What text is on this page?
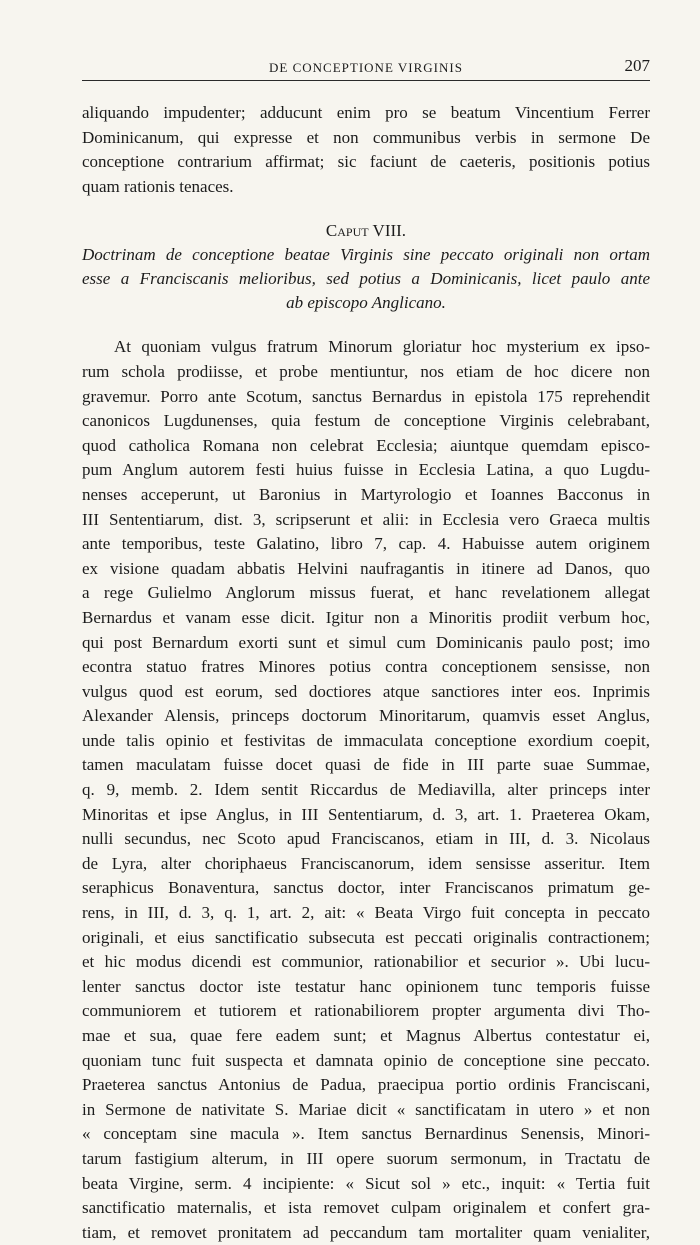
DE CONCEPTIONE VIRGINIS	207
aliquando impudenter; adducunt enim pro se beatum Vincentium Ferrer
Dominicanum, qui expresse et non communibus verbis in sermone De
conceptione contrarium affirmat; sic faciunt de caeteris, positionis potius
quam rationis tenaces.
Caput VIII.
Doctrinam de conceptione beatae Virginis sine peccato originali non ortam
esse a Franciscanis melioribus, sed potius a Dominicanis, licet paulo ante
ab episcopo Anglicano.
At quoniam vulgus fratrum Minorum gloriatur hoc mysterium ex ipso-
rum schola prodiisse, et probe mentiuntur, nos etiam de hoc dicere non
gravemur. Porro ante Scotum, sanctus Bernardus in epistola 175 reprehendit
canonicos Lugdunenses, quia festum de conceptione Virginis celebrabant,
quod catholica Romana non celebrat Ecclesia; aiuntque quemdam episco-
pum Anglum autorem festi huius fuisse in Ecclesia Latina, a quo Lugdu-
nenses acceperunt, ut Baronius in Martyrologio et Ioannes Bacconus in
III Sententiarum, dist. 3, scripserunt et alii: in Ecclesia vero Graeca multis
ante temporibus, teste Galatino, libro 7, cap. 4. Habuisse autem originem
ex visione quadam abbatis Helvini naufragantis in itinere ad Danos, quo
a rege Gulielmo Anglorum missus fuerat, et hanc revelationem allegat
Bernardus et vanam esse dicit. Igitur non a Minoritis prodiit verbum hoc,
qui post Bernardum exorti sunt et simul cum Dominicanis paulo post; imo
econtra statuo fratres Minores potius contra conceptionem sensisse, non
vulgus quod est eorum, sed doctiores atque sanctiores inter eos. Inprimis
Alexander Alensis, princeps doctorum Minoritarum, quamvis esset Anglus,
unde talis opinio et festivitas de immaculata conceptione exordium coepit,
tamen maculatam fuisse docet quasi de fide in III parte suae Summae,
q. 9, memb. 2. Idem sentit Riccardus de Mediavilla, alter princeps inter
Minoritas et ipse Anglus, in III Sententiarum, d. 3, art. 1. Praeterea Okam,
nulli secundus, nec Scoto apud Franciscanos, etiam in III, d. 3. Nicolaus
de Lyra, alter choriphaeus Franciscanorum, idem sensisse asseritur. Item
seraphicus Bonaventura, sanctus doctor, inter Franciscanos primatum ge-
rens, in III, d. 3, q. 1, art. 2, ait: « Beata Virgo fuit concepta in peccato
originali, et eius sanctificatio subsecuta est peccati originalis contractionem;
et hic modus dicendi est communior, rationabilior et securior ». Ubi lucu-
lenter sanctus doctor iste testatur hanc opinionem tunc temporis fuisse
communiorem et tutiorem et rationabiliorem propter argumenta divi Tho-
mae et sua, quae fere eadem sunt; et Magnus Albertus contestatur ei,
quoniam tunc fuit suspecta et damnata opinio de conceptione sine peccato.
Praeterea sanctus Antonius de Padua, praecipua portio ordinis Franciscani,
in Sermone de nativitate S. Mariae dicit « sanctificatam in utero » et non
« conceptam sine macula ». Item sanctus Bernardinus Senensis, Minori-
tarum fastigium alterum, in III opere suorum sermonum, in Tractatu de
beata Virgine, serm. 4 incipiente: « Sicut sol » etc., inquit: « Tertia fuit
sanctificatio maternalis, et ista removet culpam originalem et confert gra-
tiam, et removet pronitatem ad peccandum tam mortaliter quam venialiter,
